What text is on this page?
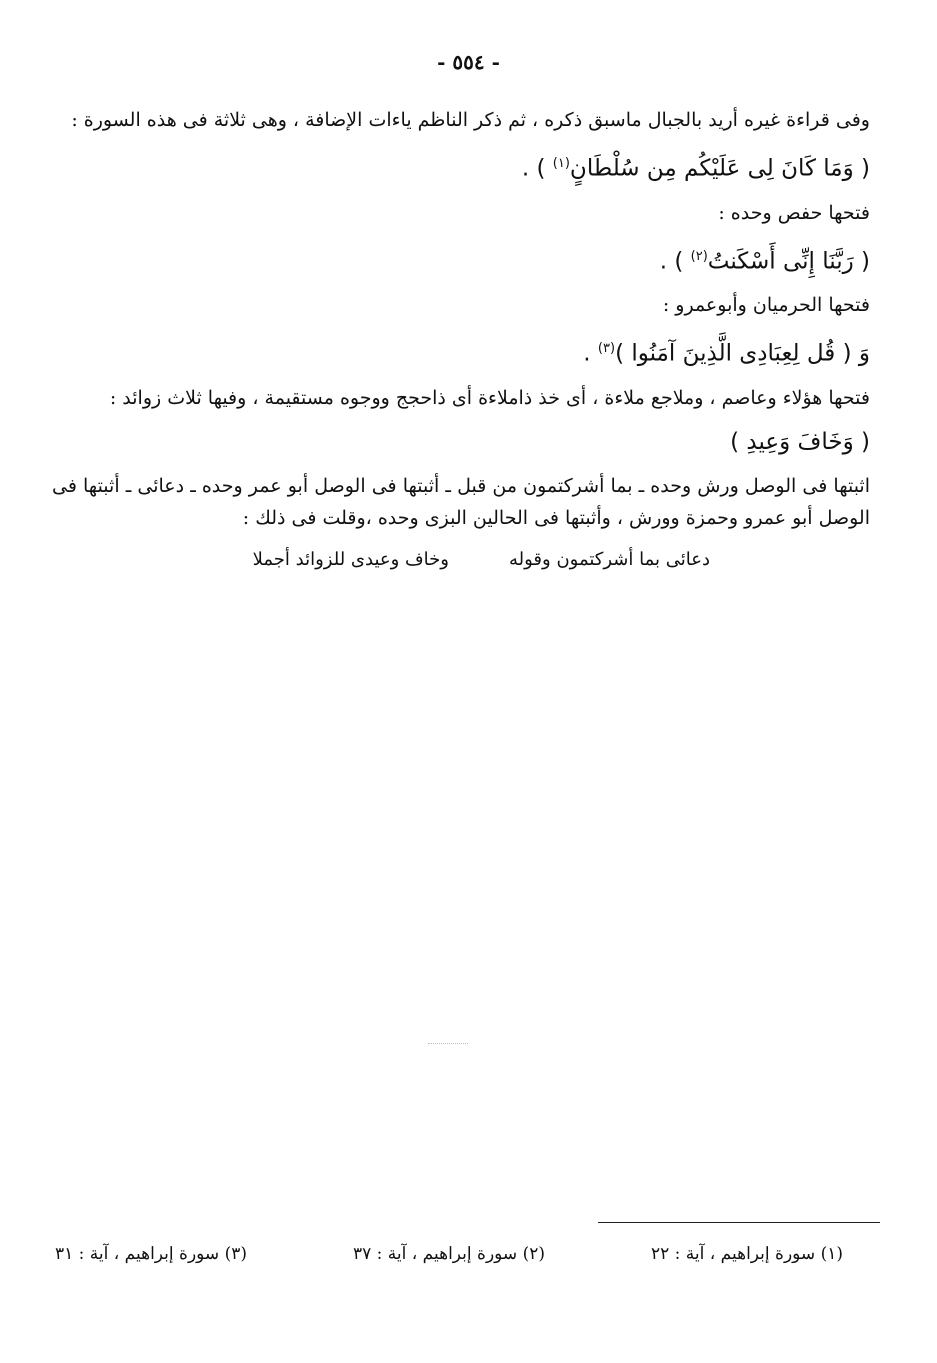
- ٥٥٤ -

وفى قراءة غيره أريد بالجبال ماسبق ذكره ، ثم ذكر الناظم ياءات الإضافة ، وهى ثلاثة فى هذه السورة :

( وَمَا كَانَ لِى عَلَيْكُم مِن سُلْطَانٍ$^{(١)}$ ) .

فتحها حفص وحده :

( رَبَّنَا إِنِّى أَسْكَنتُ$^{(٢)}$ ) .

فتحها الحرميان وأبوعمرو :

وَ ( قُل لِعِبَادِى الَّذِينَ آمَنُوا )$^{(٣)}$ .

فتحها هؤلاء وعاصم ، وملاجع ملاءة ، أى خذ ذاملاءة أى ذاحجج ووجوه مستقيمة ، وفيها ثلاث زوائد :

( وَخَافَ وَعِيدِ )

اثبتها فى الوصل ورش وحده ـ بما أشركتمون من قبل ـ أثبتها فى الوصل أبو عمر وحده ـ دعائى ـ أثبتها فى الوصل أبو عمرو وحمزة وورش ، وأثبتها فى الحالين البزى وحده ،وقلت فى ذلك :

دعائى بما أشركتمون وقوله
وخاف وعيدى للزوائد أجملا
(١) سورة إبراهيم ، آية : ٢٢
(٢) سورة إبراهيم ، آية : ٣٧
(٣) سورة إبراهيم ، آية : ٣١
